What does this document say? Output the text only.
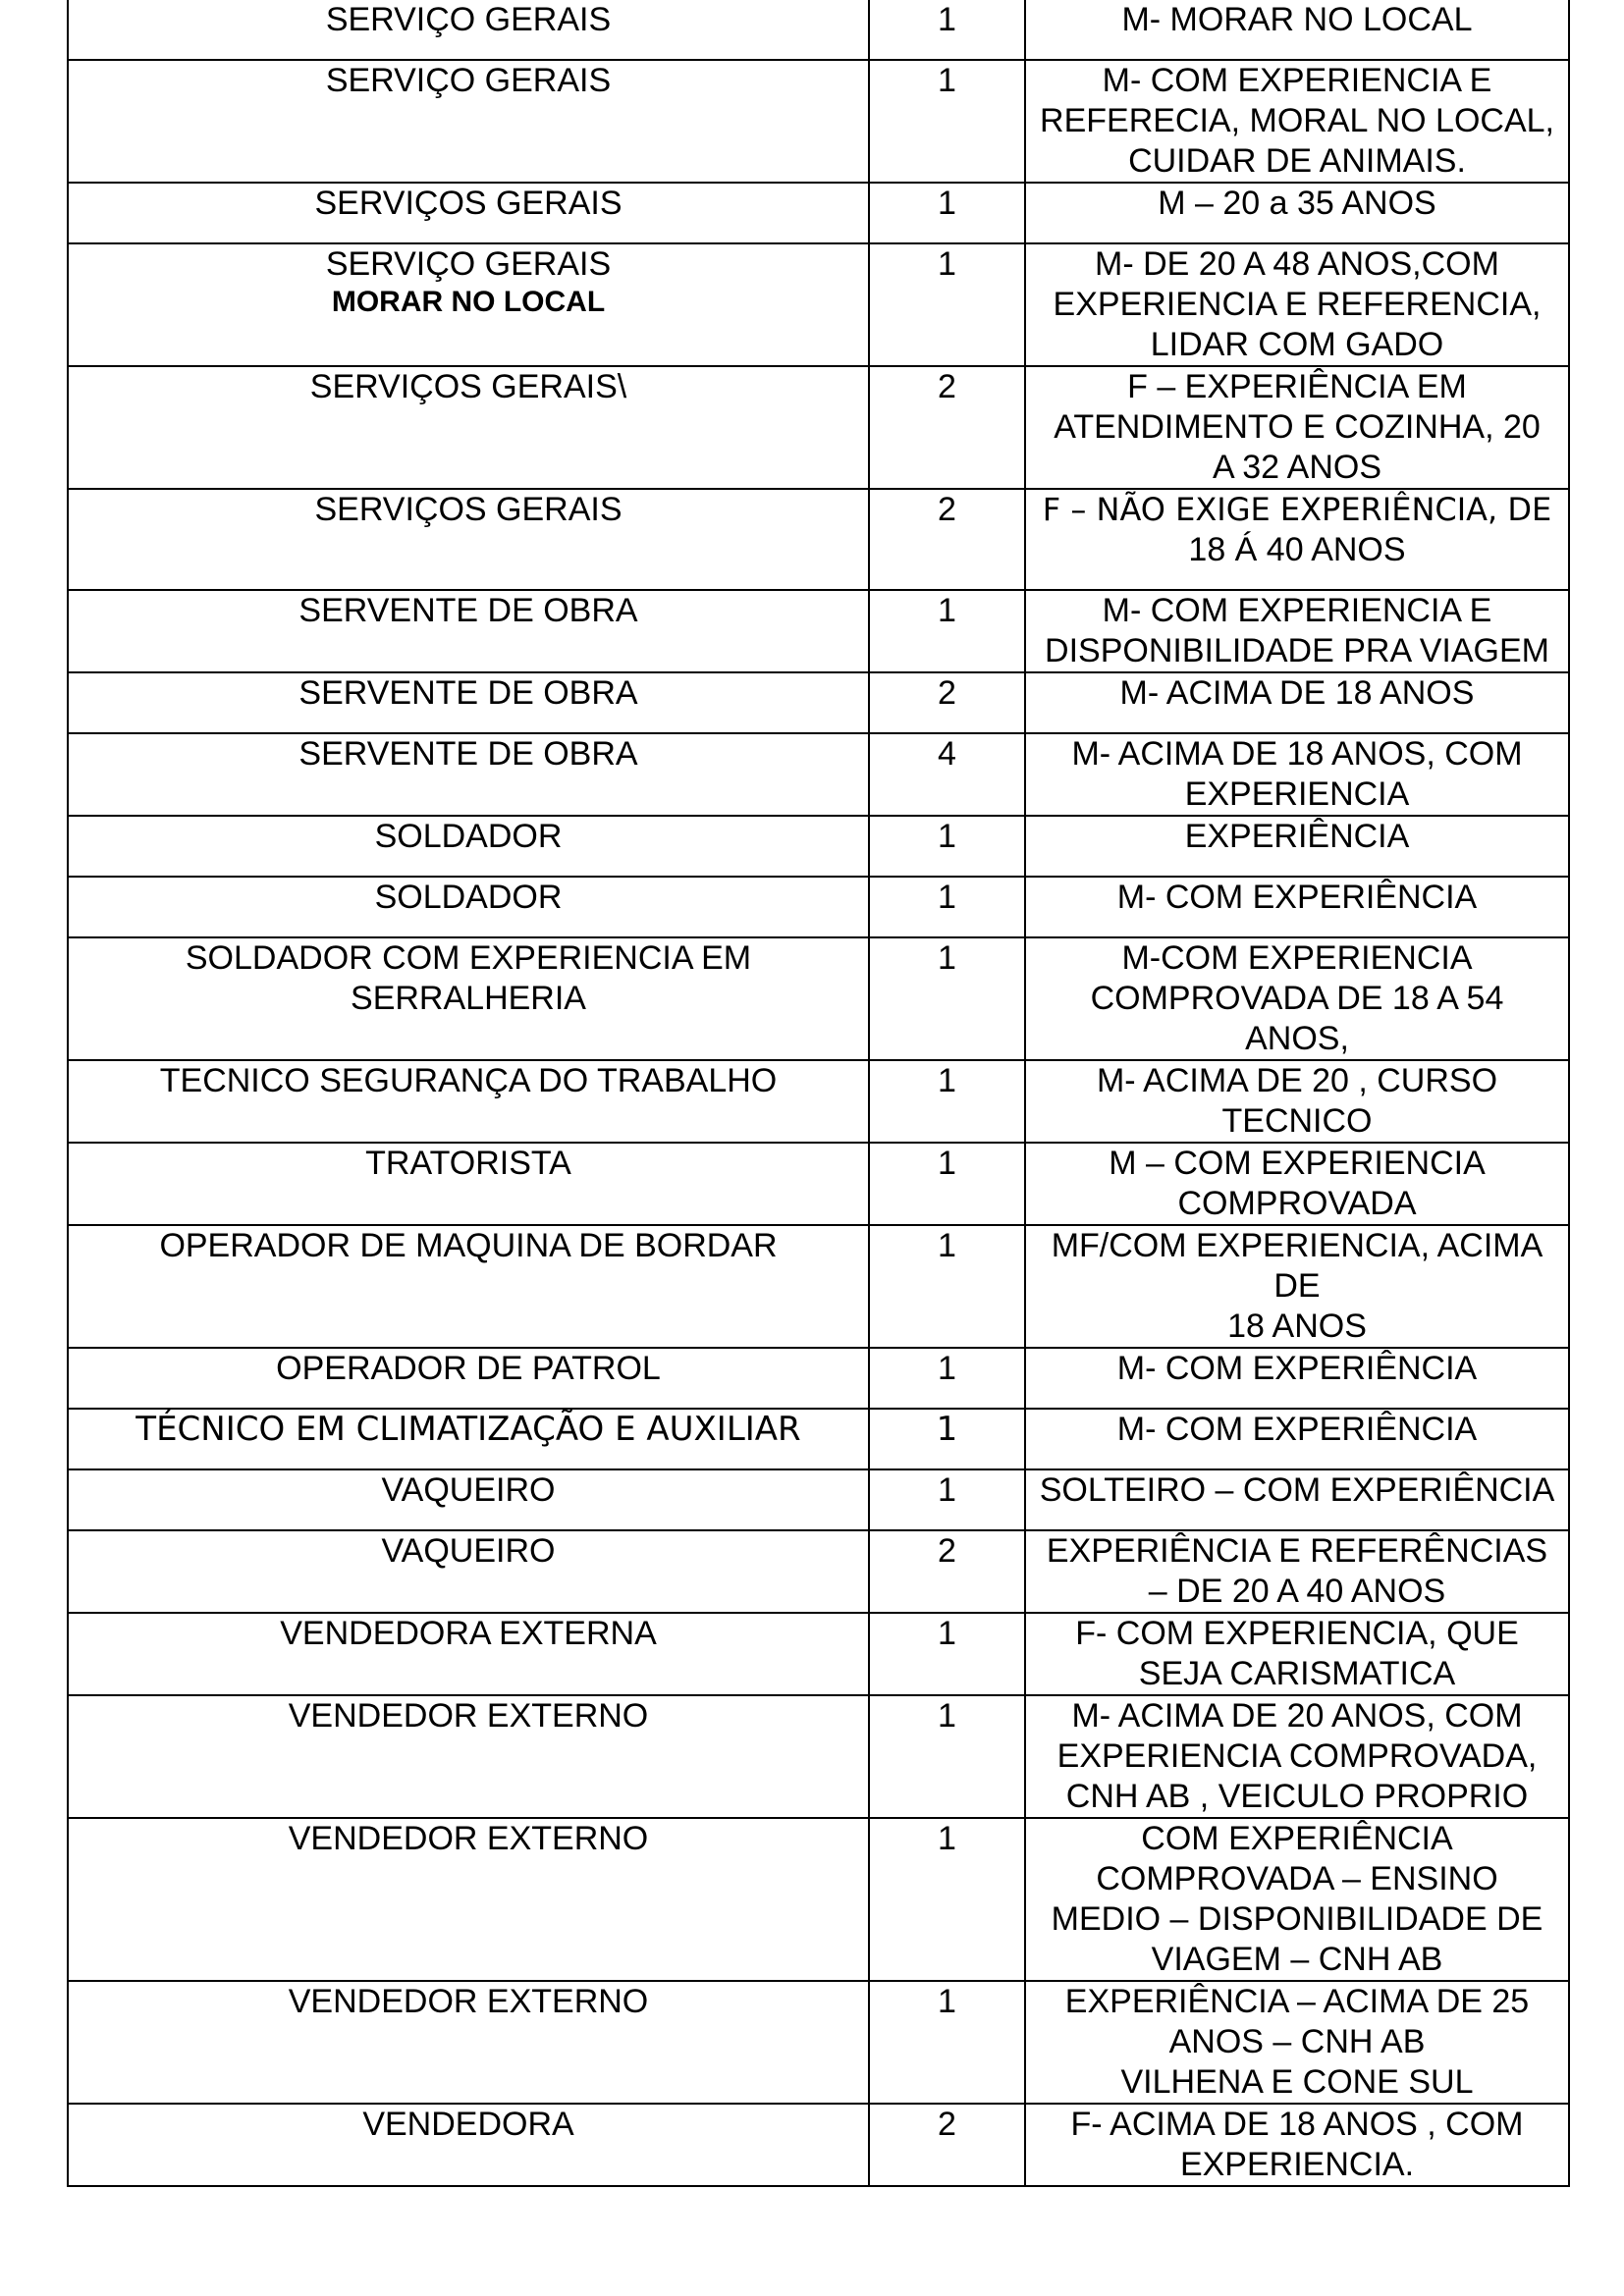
SERVIÇO GERAIS	1	M- MORAR NO LOCAL

SERVIÇO GERAIS	1	M- COM EXPERIENCIA E
REFERECIA, MORAL NO LOCAL,
CUIDAR DE ANIMAIS.

SERVIÇOS GERAIS	1	M – 20 a 35 ANOS

SERVIÇO GERAIS
MORAR NO LOCAL	1	M- DE 20 A 48 ANOS,COM
EXPERIENCIA E REFERENCIA,
LIDAR COM GADO

SERVIÇOS GERAIS\	2	F – EXPERIÊNCIA EM
ATENDIMENTO E COZINHA, 20
A 32 ANOS

SERVIÇOS GERAIS	2	F – NÃO EXIGE EXPERIÊNCIA, DE
18 Á 40 ANOS

SERVENTE DE OBRA	1	M- COM EXPERIENCIA E
DISPONIBILIDADE PRA VIAGEM

SERVENTE DE OBRA	2	M- ACIMA DE 18 ANOS

SERVENTE DE OBRA	4	M- ACIMA DE 18 ANOS, COM
EXPERIENCIA

SOLDADOR	1	EXPERIÊNCIA

SOLDADOR	1	M- COM EXPERIÊNCIA

SOLDADOR COM EXPERIENCIA EM
SERRALHERIA	1	M-COM EXPERIENCIA
COMPROVADA DE 18 A 54
ANOS,

TECNICO SEGURANÇA DO TRABALHO	1	M- ACIMA DE 20 , CURSO
TECNICO

TRATORISTA	1	M – COM EXPERIENCIA
COMPROVADA

OPERADOR DE MAQUINA DE BORDAR	1	MF/COM EXPERIENCIA, ACIMA DE
18 ANOS

OPERADOR DE PATROL	1	M- COM EXPERIÊNCIA

TÉCNICO EM CLIMATIZAÇÃO E AUXILIAR	1	M- COM EXPERIÊNCIA

VAQUEIRO	1	SOLTEIRO – COM EXPERIÊNCIA

VAQUEIRO	2	EXPERIÊNCIA E REFERÊNCIAS
– DE 20 A 40 ANOS

VENDEDORA EXTERNA	1	F- COM EXPERIENCIA, QUE
SEJA CARISMATICA

VENDEDOR EXTERNO	1	M- ACIMA DE 20 ANOS, COM
EXPERIENCIA COMPROVADA,
CNH AB , VEICULO PROPRIO

VENDEDOR EXTERNO	1	COM EXPERIÊNCIA
COMPROVADA – ENSINO
MEDIO – DISPONIBILIDADE DE
VIAGEM – CNH AB

VENDEDOR EXTERNO	1	EXPERIÊNCIA – ACIMA DE 25
ANOS – CNH AB
VILHENA E CONE SUL

VENDEDORA	2	F- ACIMA DE 18 ANOS , COM
EXPERIENCIA.
